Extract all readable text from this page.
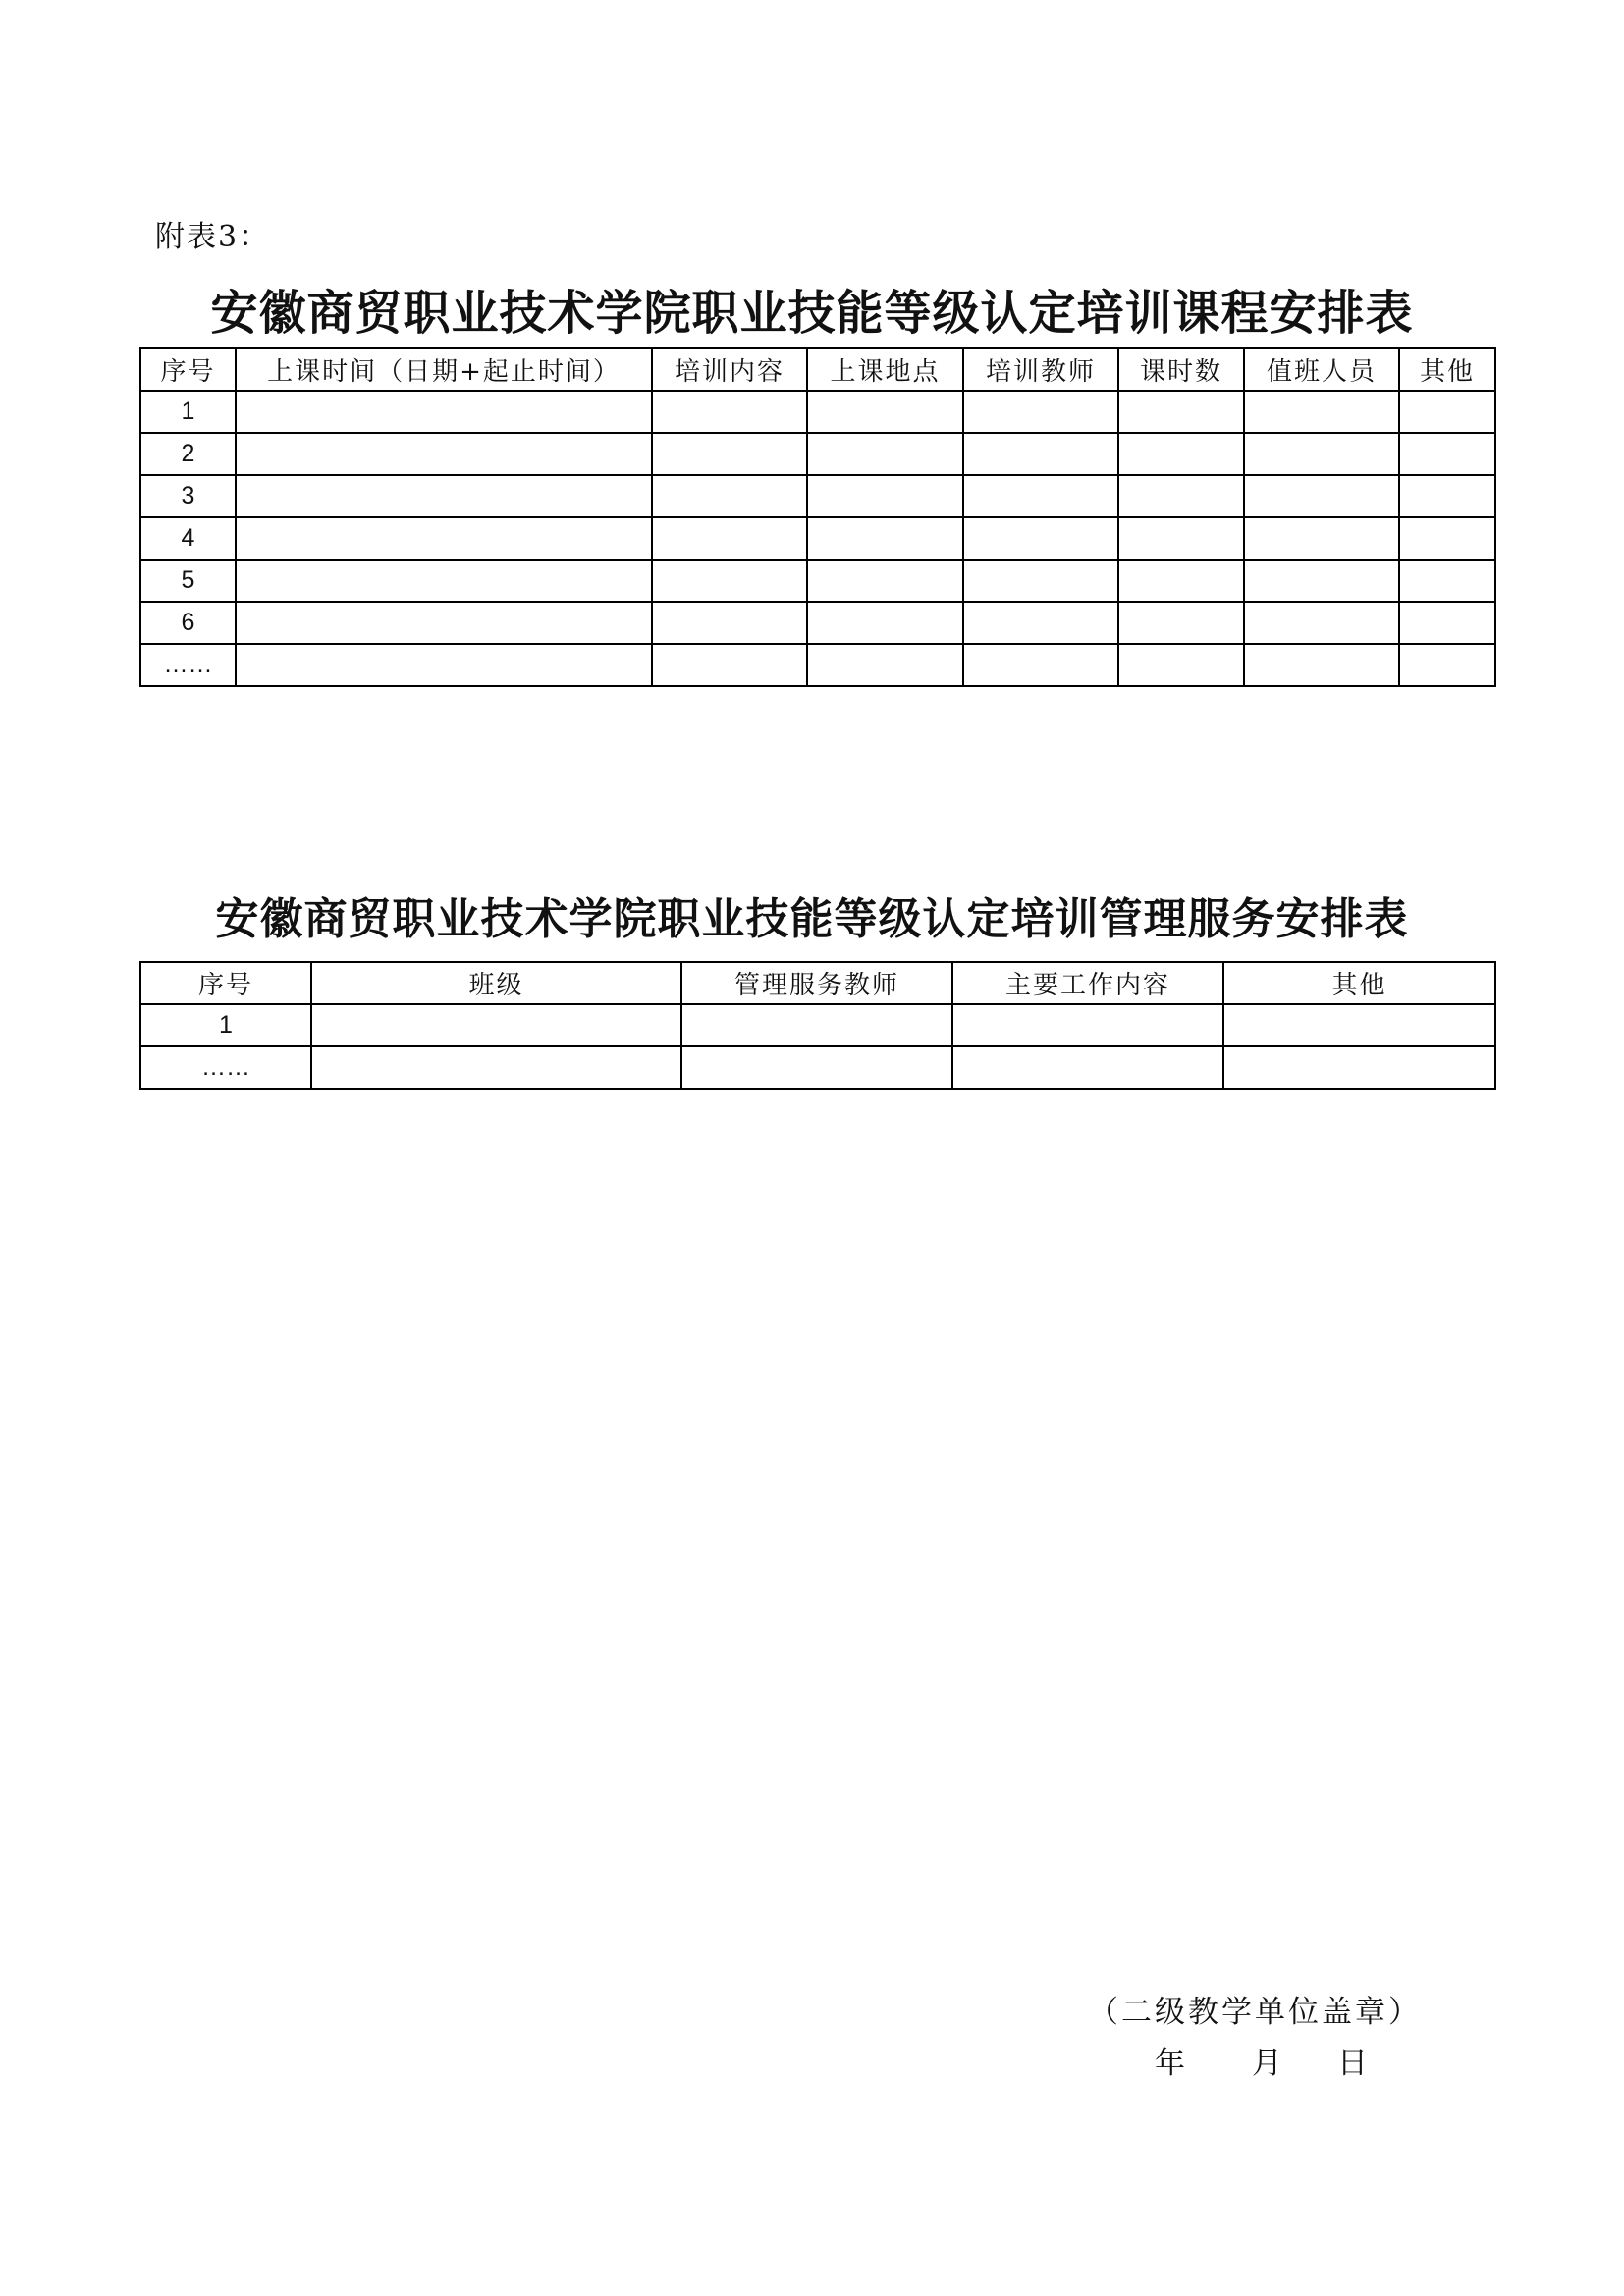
附表3：
安徽商贸职业技术学院职业技能等级认定培训课程安排表
序号	上课时间（日期+起止时间）	培训内容	上课地点	培训教师	课时数	值班人员	其他
1							
2							
3							
4							
5							
6							
……							
安徽商贸职业技术学院职业技能等级认定培训管理服务安排表
序号	班级	管理服务教师	主要工作内容	其他
1				
……				
（二级教学单位盖章）
年 月 日
